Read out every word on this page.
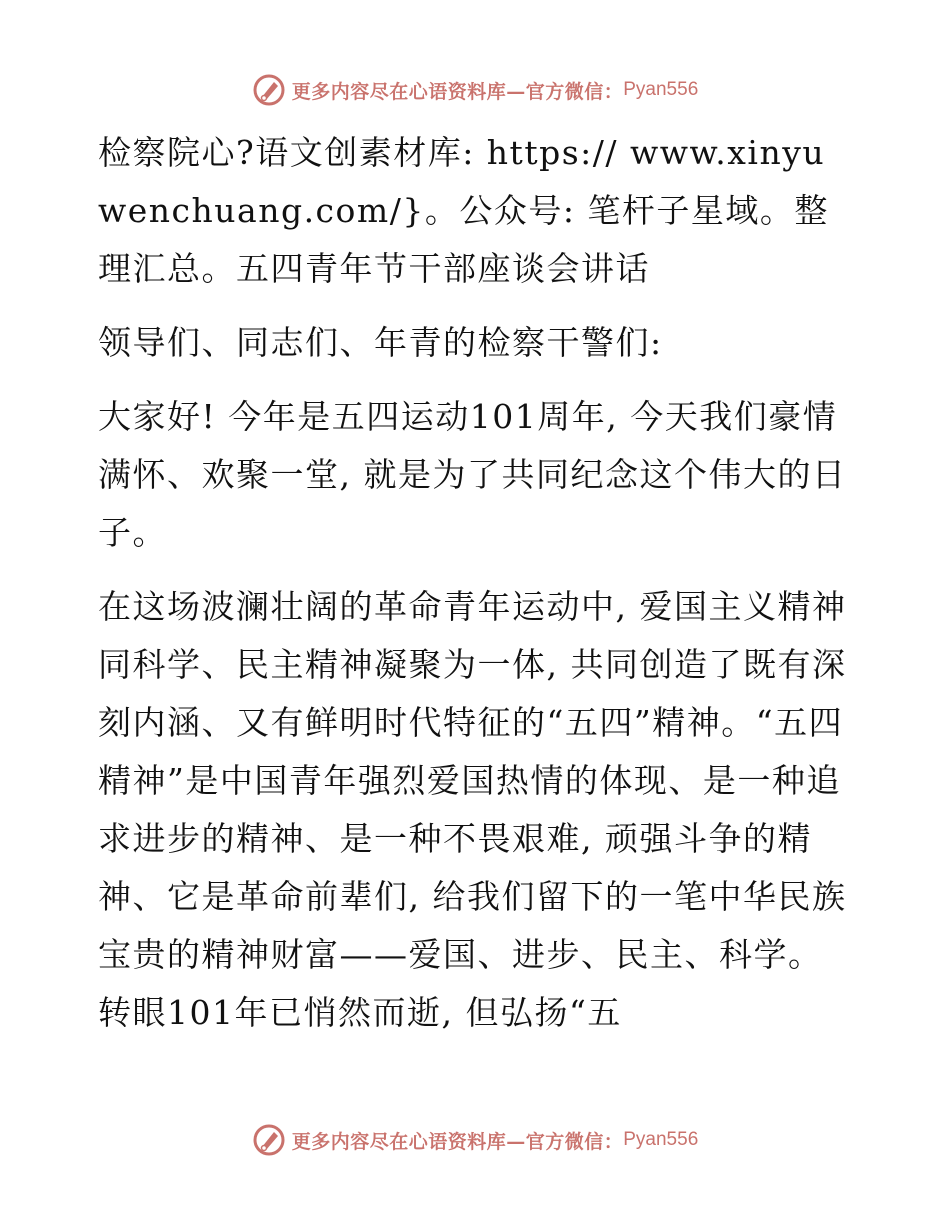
更多内容尽在心语资料库—官方微信： Pyan556

检察院心?语文创素材库: https:// www.xinyuwenchuang.com/}。公众号: 笔杆子星域。整理汇总。五四青年节干部座谈会讲话

领导们、同志们、年青的检察干警们:

大家好! 今年是五四运动101周年, 今天我们豪情满怀、欢聚一堂, 就是为了共同纪念这个伟大的日子。

在这场波澜壮阔的革命青年运动中, 爱国主义精神同科学、民主精神凝聚为一体, 共同创造了既有深刻内涵、又有鲜明时代特征的“五四”精神。“五四精神”是中国青年强烈爱国热情的体现、是一种追求进步的精神、是一种不畏艰难, 顽强斗争的精神、它是革命前辈们, 给我们留下的一笔中华民族宝贵的精神财富——爱国、进步、民主、科学。转眼101年已悄然而逝, 但弘扬“五

更多内容尽在心语资料库—官方微信： Pyan556
